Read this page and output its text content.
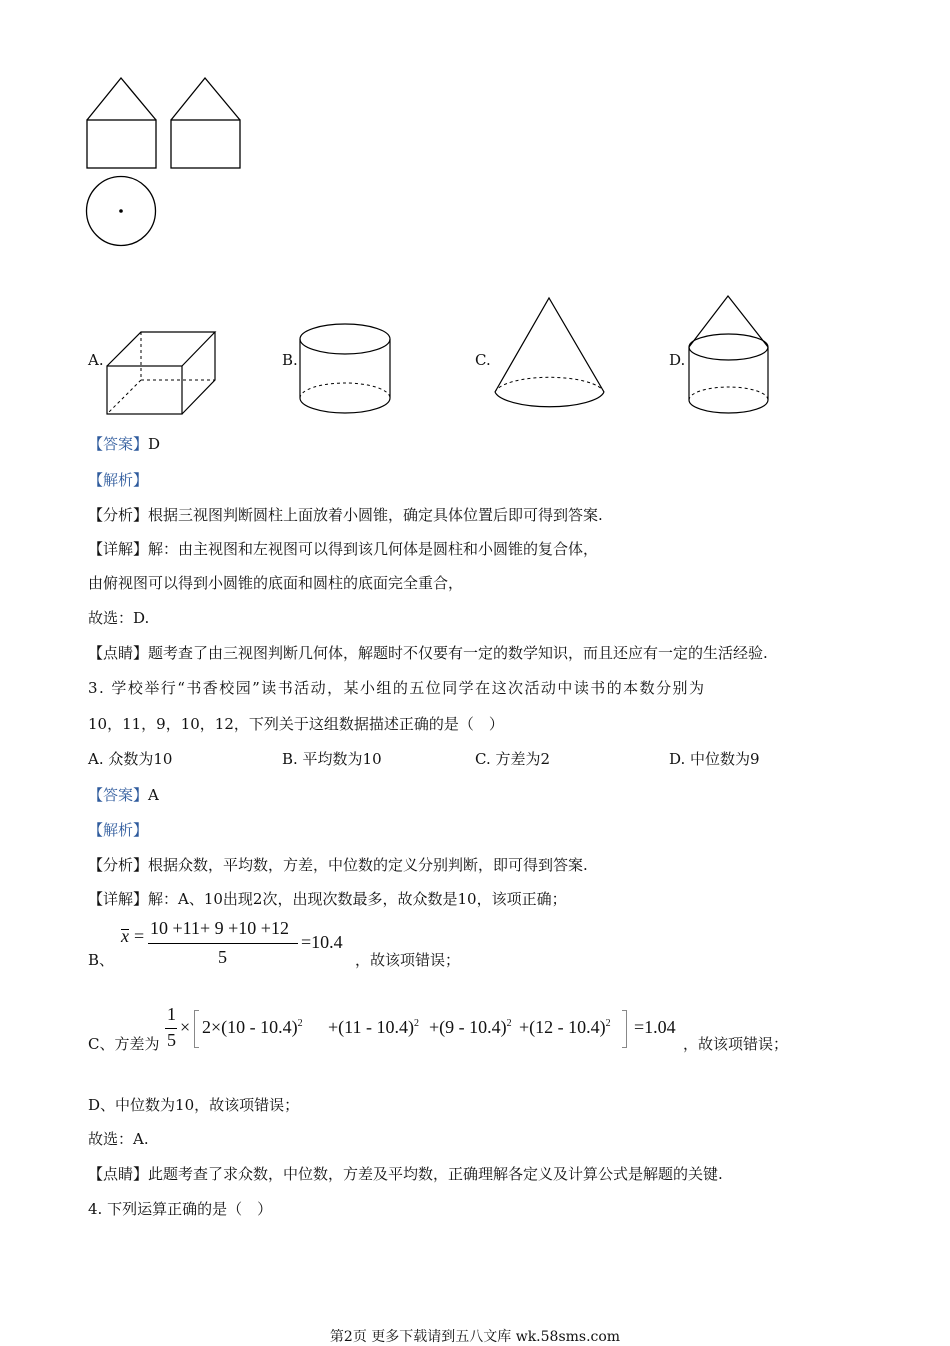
A.	B.	C.	D.
【答案】D
【解析】
【分析】根据三视图判断圆柱上面放着小圆锥，确定具体位置后即可得到答案.
【详解】解：由主视图和左视图可以得到该几何体是圆柱和小圆锥的复合体，
由俯视图可以得到小圆锥的底面和圆柱的底面完全重合，
故选：D.
【点睛】题考查了由三视图判断几何体，解题时不仅要有一定的数学知识，而且还应有一定的生活经验.
3. 学校举行“书香校园”读书活动，某小组的五位同学在这次活动中读书的本数分别为
10，11，9，10，12，下列关于这组数据描述正确的是（　）
A. 众数为10	B. 平均数为10	C. 方差为2	D. 中位数为9
【答案】A
【解析】
【分析】根据众数，平均数，方差，中位数的定义分别判断，即可得到答案.
【详解】解：A、10出现2次，出现次数最多，故众数是10，该项正确；
B、
x = 10 +11+ 9 +10 +12
5
=10.4
，故该项错误；
C、方差为
1
5
× 2×(10 - 10.4)$^2$ +(11 - 10.4)$^2$ +(9 - 10.4)$^2$ +(12 - 10.4)$^2$ =1.04
，故该项错误；
D、中位数为10，故该项错误；
故选：A.
【点睛】此题考查了求众数，中位数，方差及平均数，正确理解各定义及计算公式是解题的关键.
4. 下列运算正确的是（　）
第2页 更多下载请到五八文库 wk.58sms.com
